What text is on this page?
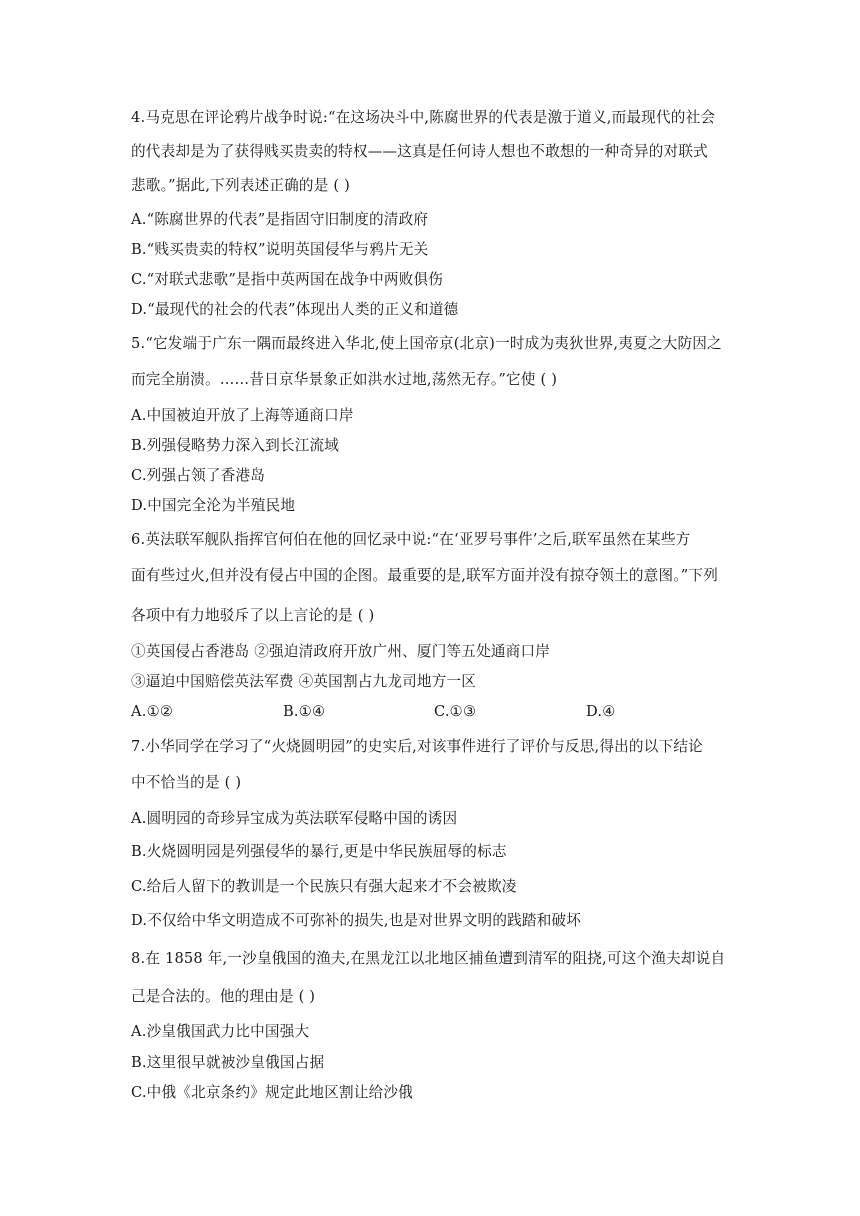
4.马克思在评论鸦片战争时说:“在这场决斗中,陈腐世界的代表是激于道义,而最现代的社会
的代表却是为了获得贱买贵卖的特权——这真是任何诗人想也不敢想的一种奇异的对联式
悲歌。”据此,下列表述正确的是 ( )
A.“陈腐世界的代表”是指固守旧制度的清政府
B.“贱买贵卖的特权”说明英国侵华与鸦片无关
C.“对联式悲歌”是指中英两国在战争中两败俱伤
D.“最现代的社会的代表”体现出人类的正义和道德
5.“它发端于广东一隅而最终进入华北,使上国帝京(北京)一时成为夷狄世界,夷夏之大防因之
而完全崩溃。……昔日京华景象正如洪水过地,荡然无存。”它使 ( )
A.中国被迫开放了上海等通商口岸
B.列强侵略势力深入到长江流域
C.列强占领了香港岛
D.中国完全沦为半殖民地
6.英法联军舰队指挥官何伯在他的回忆录中说:“在‘亚罗号事件’之后,联军虽然在某些方
面有些过火,但并没有侵占中国的企图。最重要的是,联军方面并没有掠夺领土的意图。”下列
各项中有力地驳斥了以上言论的是 ( )
①英国侵占香港岛 ②强迫清政府开放广州、厦门等五处通商口岸
③逼迫中国赔偿英法军费 ④英国割占九龙司地方一区
A.①②	B.①④	C.①③	D.④
7.小华同学在学习了“火烧圆明园”的史实后,对该事件进行了评价与反思,得出的以下结论
中不恰当的是 ( )
A.圆明园的奇珍异宝成为英法联军侵略中国的诱因
B.火烧圆明园是列强侵华的暴行,更是中华民族屈辱的标志
C.给后人留下的教训是一个民族只有强大起来才不会被欺凌
D.不仅给中华文明造成不可弥补的损失,也是对世界文明的践踏和破坏
8.在 1858 年,一沙皇俄国的渔夫,在黑龙江以北地区捕鱼遭到清军的阻挠,可这个渔夫却说自
己是合法的。他的理由是 ( )
A.沙皇俄国武力比中国强大
B.这里很早就被沙皇俄国占据
C.中俄《北京条约》规定此地区割让给沙俄
